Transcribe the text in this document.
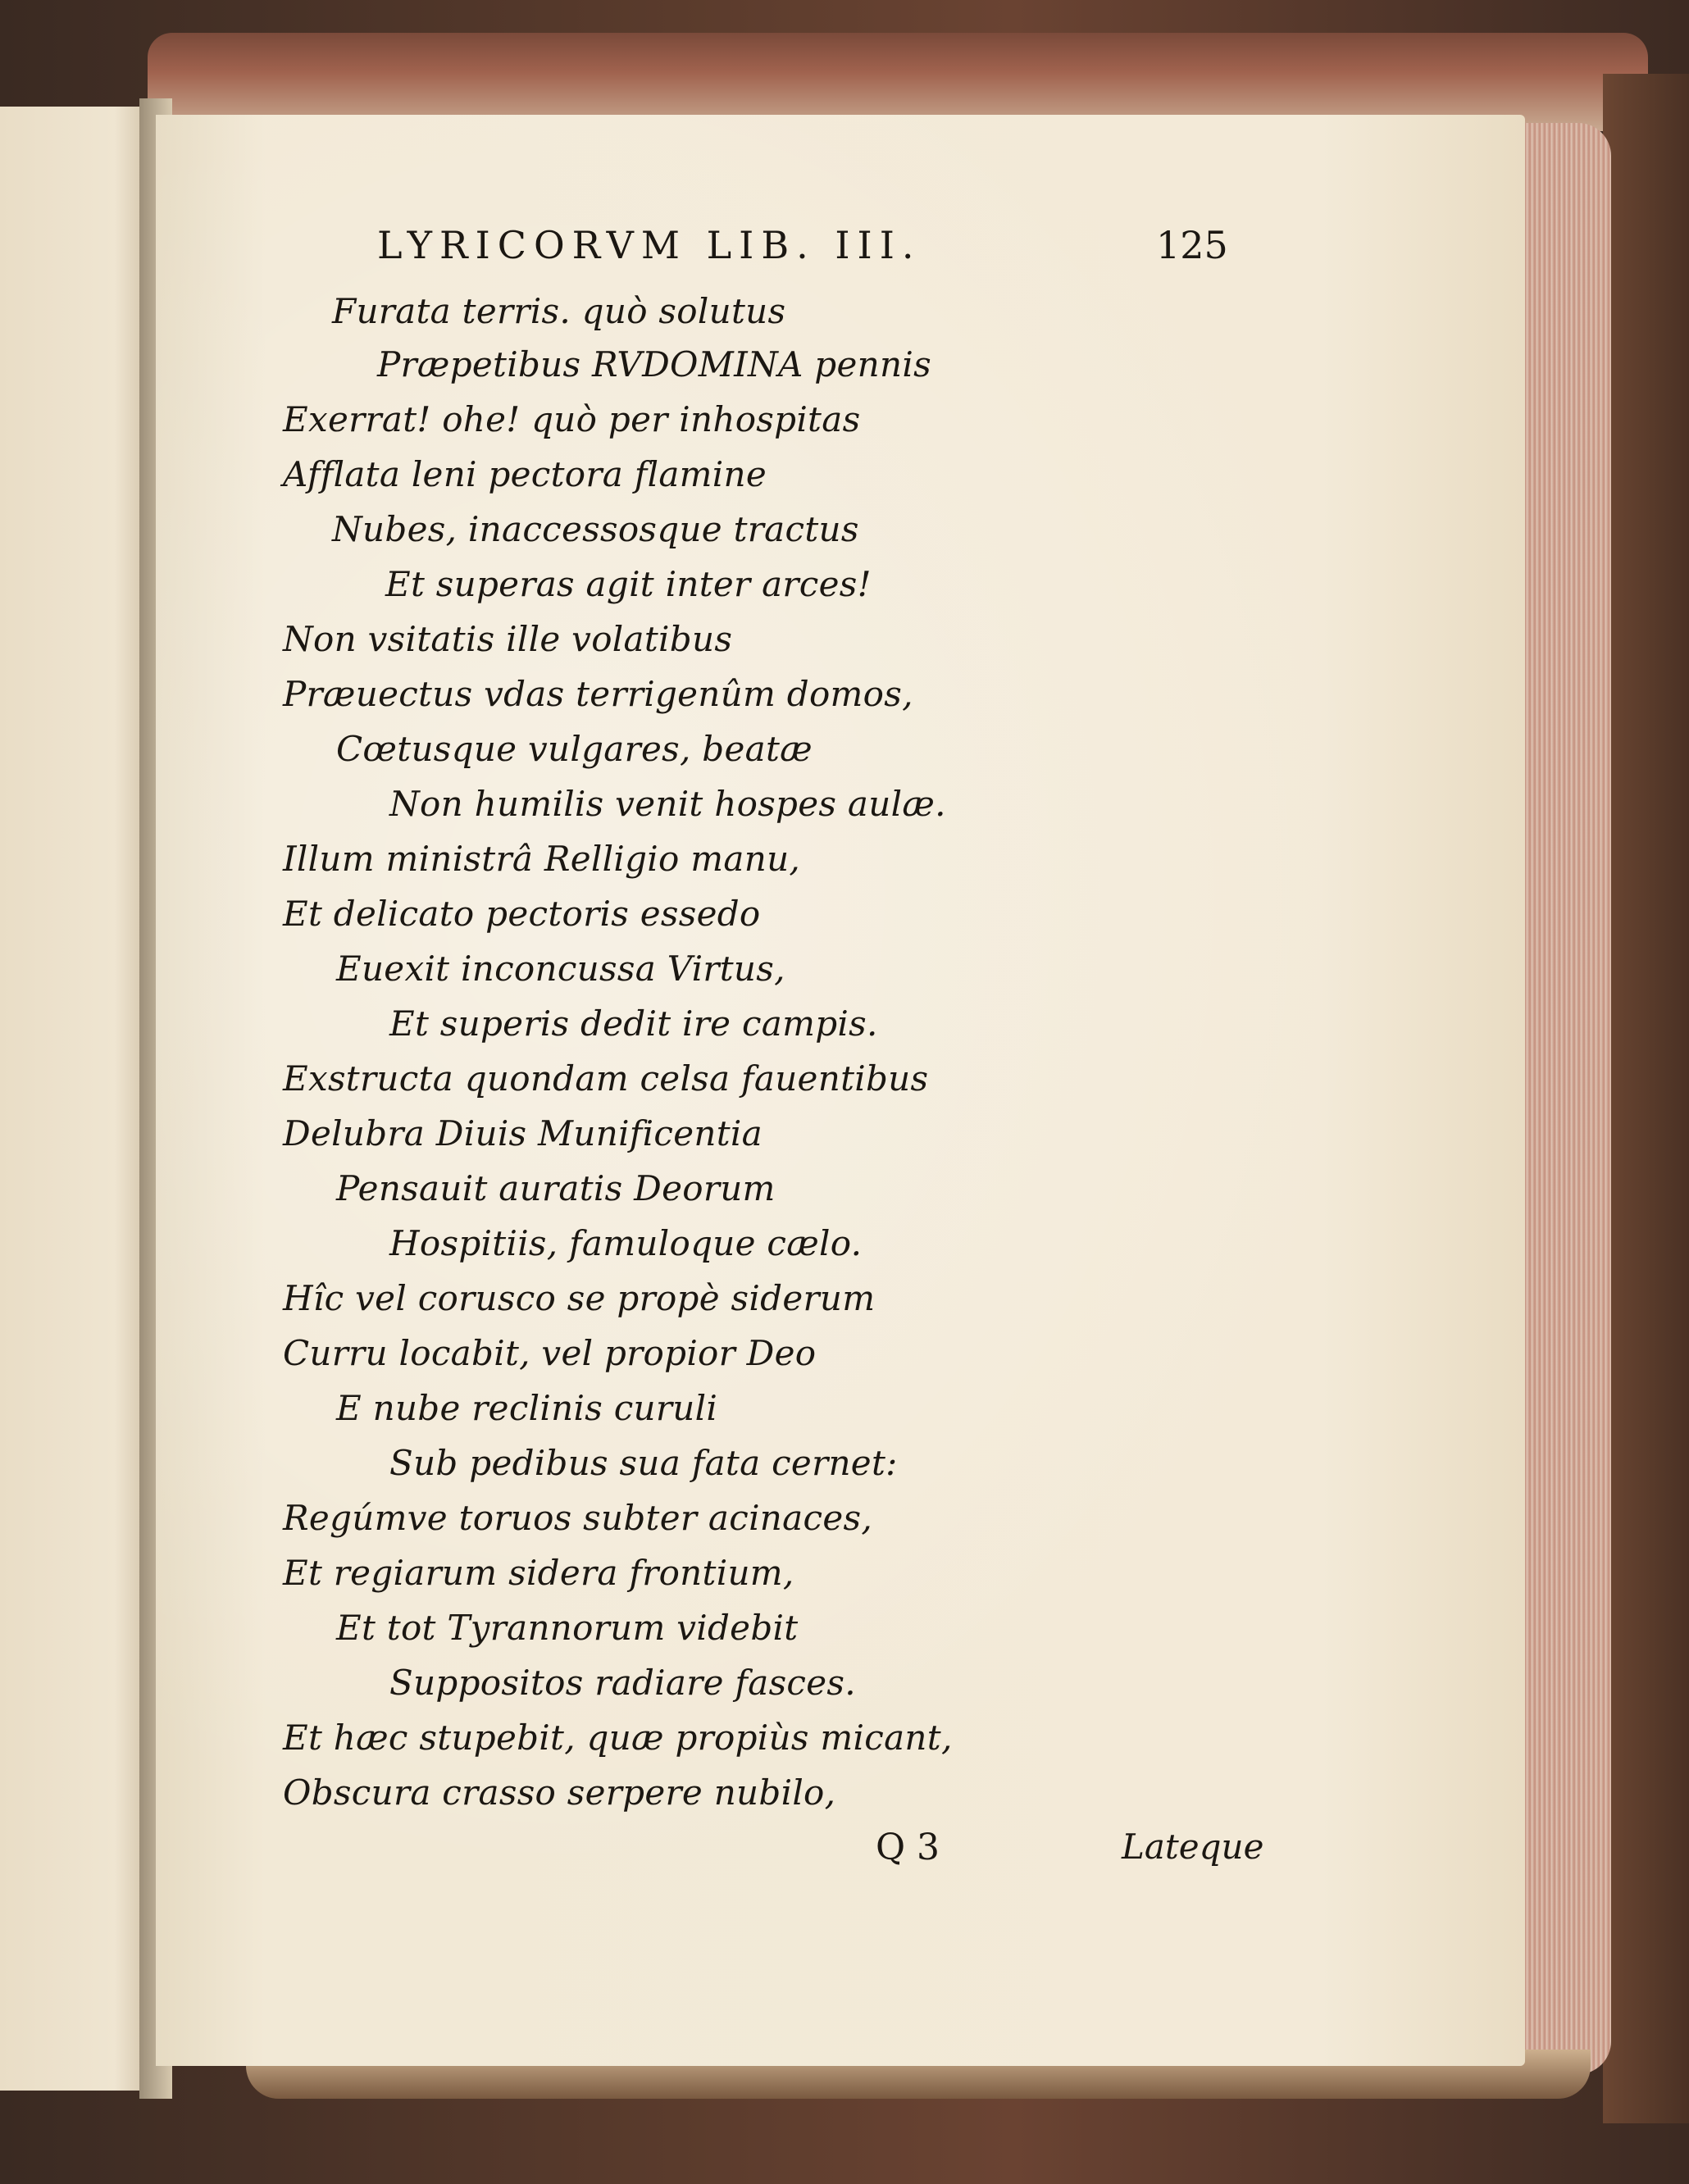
LYRICORVM LIB. III.	125
Furata terris. quò solutus
Præpetibus RVDOMINA pennis
Exerrat! ohe! quò per inhospitas
Afflata leni pectora flamine
Nubes, inaccessosque tractus
Et superas agit inter arces!
Non vsitatis ille volatibus
Præuectus vdas terrigenûm domos,
Cœtusque vulgares, beatæ
Non humilis venit hospes aulæ.
Illum ministrâ Relligio manu,
Et delicato pectoris essedo
Euexit inconcussa Virtus,
Et superis dedit ire campis.
Exstructa quondam celsa fauentibus
Delubra Diuis Munificentia
Pensauit auratis Deorum
Hospitiis, famuloque cælo.
Hîc vel corusco se propè siderum
Curru locabit, vel propior Deo
E nube reclinis curuli
Sub pedibus sua fata cernet:
Regúmve toruos subter acinaces,
Et regiarum sidera frontium,
Et tot Tyrannorum videbit
Suppositos radiare fasces.
Et hæc stupebit, quæ propiùs micant,
Obscura crasso serpere nubilo,
Q 3	Lateque
